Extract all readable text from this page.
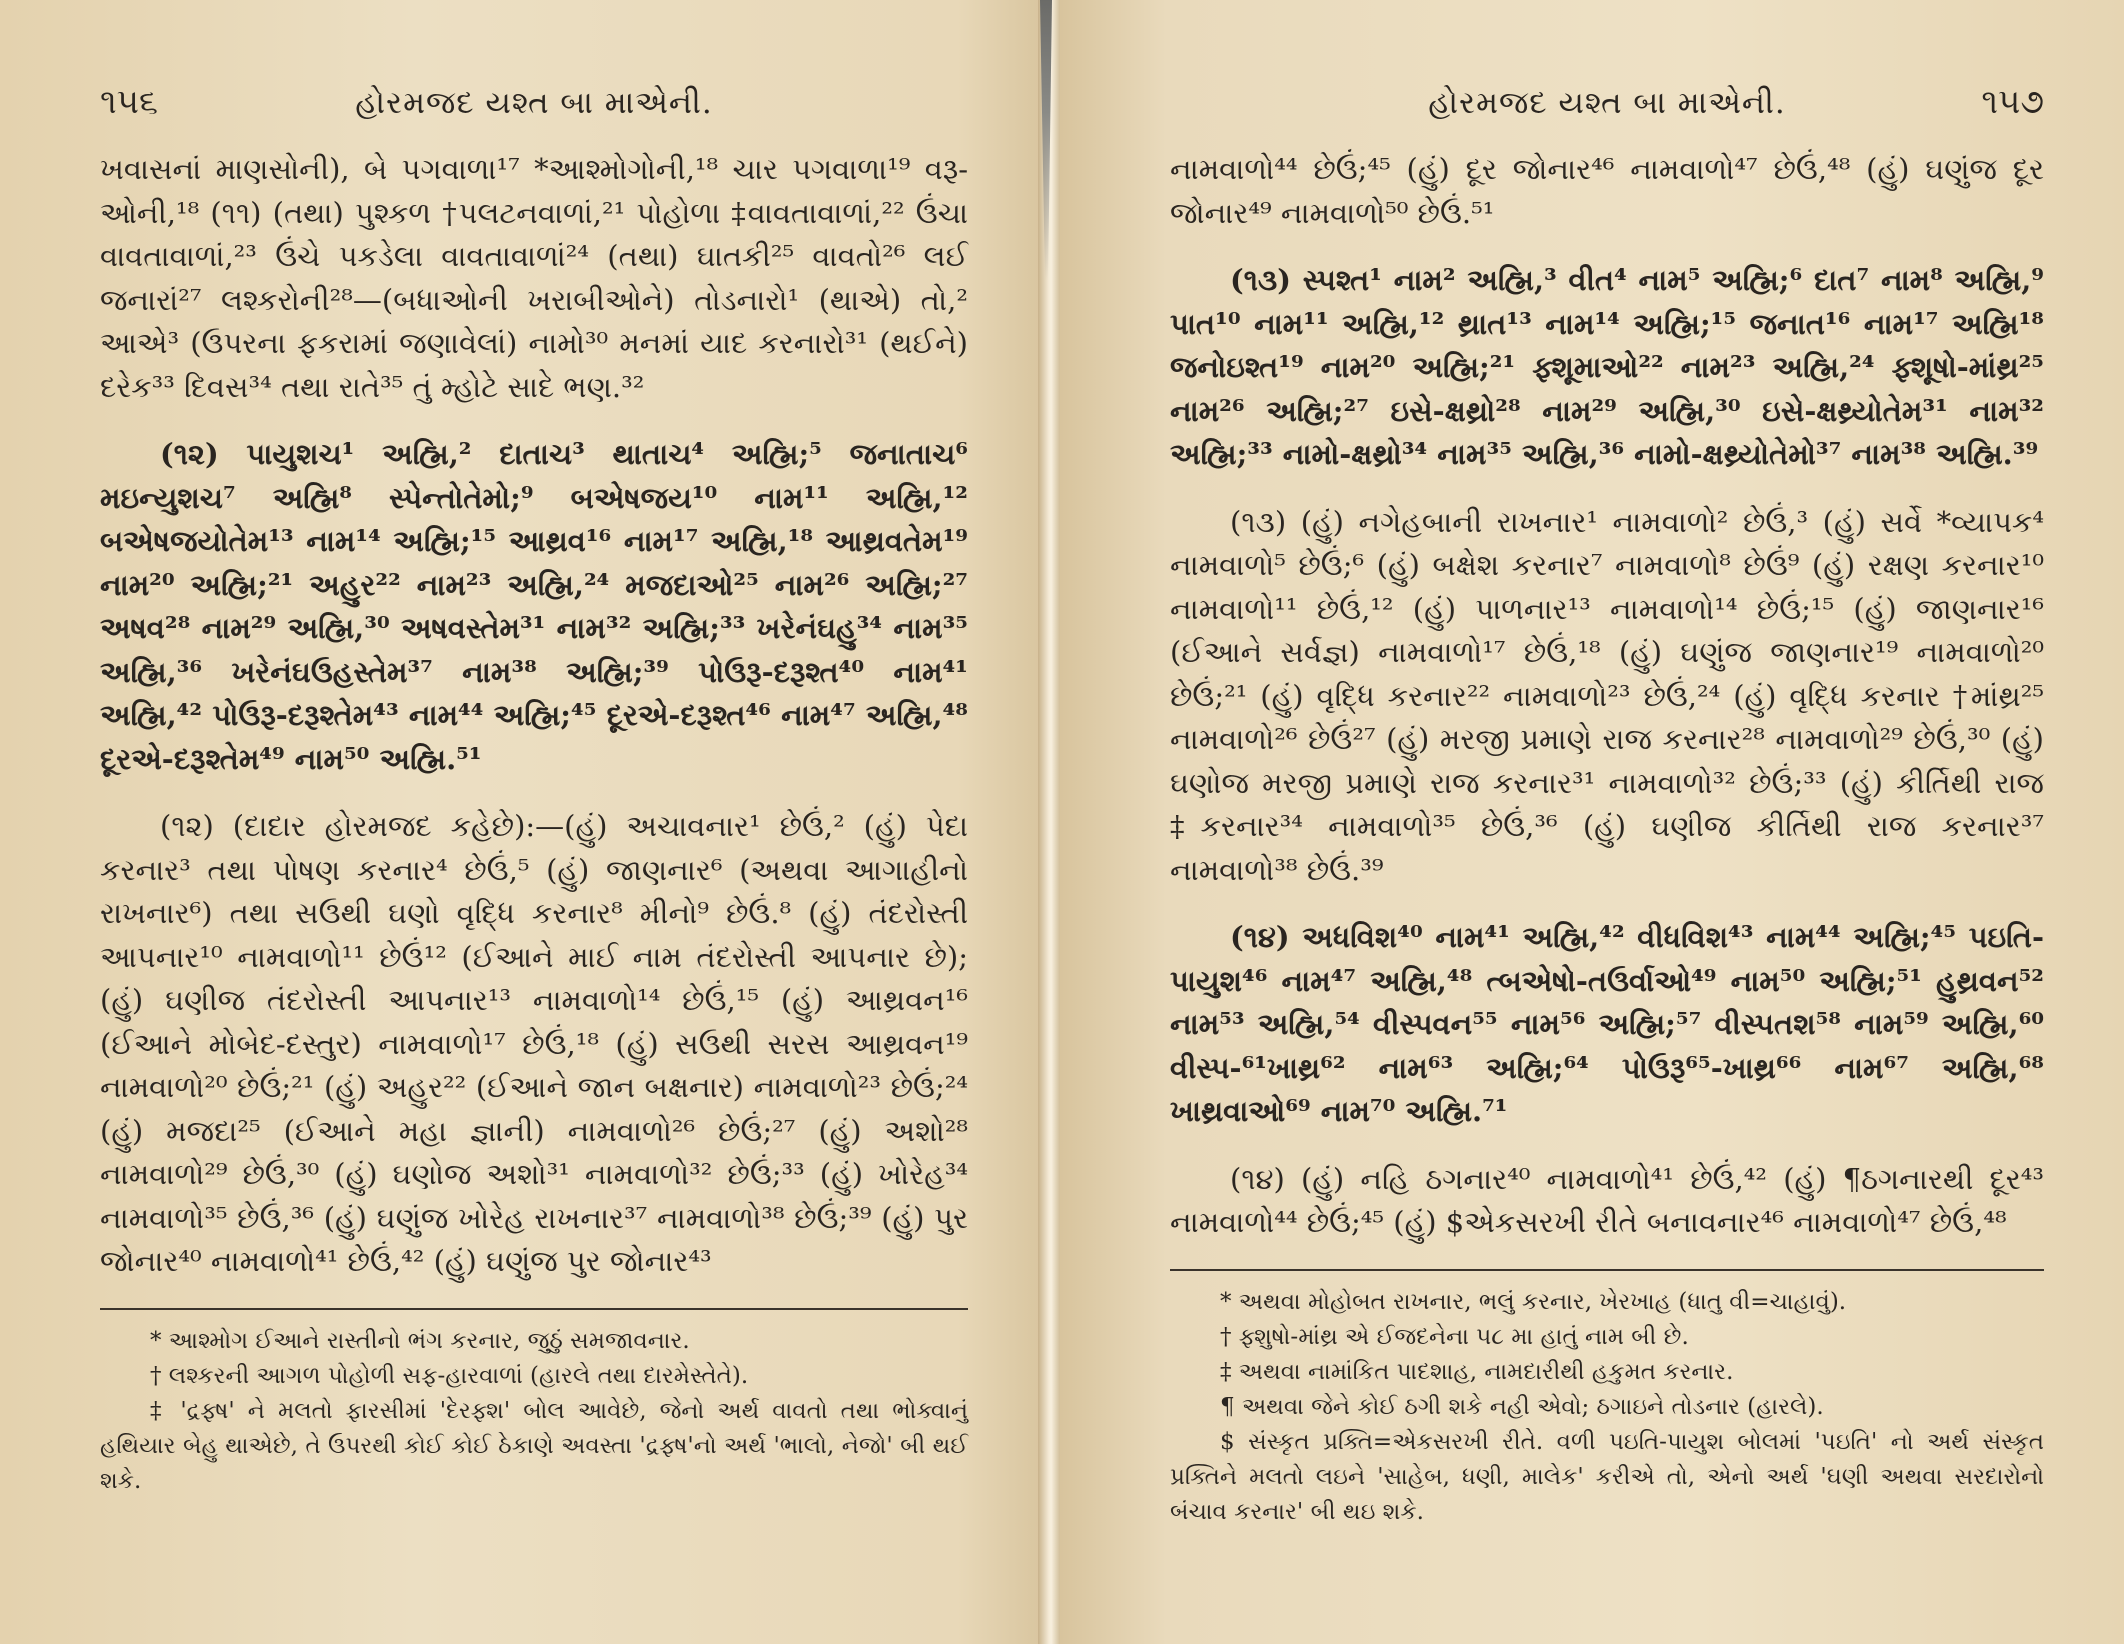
૧૫૬	હોરમજદ યશ્ત બા માએની.

ખવાસનાં માણસોની), બે પગવાળા¹⁷ *આશ્મોગોની,¹⁸ ચાર પગવાળા¹⁹ વરૂ-ઓની,¹⁸ (૧૧) (તથા) પુશ્કળ †પલટનવાળાં,²¹ પોહોળા ‡વાવતાવાળાં,²² ઉંચા વાવતાવાળાં,²³ ઉંચે પકડેલા વાવતાવાળાં²⁴ (તથા) ઘાતકી²⁵ વાવતો²⁶ લઈ જનારાં²⁷ લશ્કરોની²⁸—(બધાઓની ખરાબીઓને) તોડનારો¹ (થાએ) તો,² આએ³ (ઉપરના ફકરામાં જણાવેલાં) નામો³⁰ મનમાં યાદ કરનારો³¹ (થઈને) દરેક³³ દિવસ³⁴ તથા રાતે³⁵ તું મ્હોટે સાદે ભણ.³²

(૧૨) પાયુશચ¹ અહ્મિ,² દાતાચ³ થાતાચ⁴ અહ્મિ;⁵ જનાતાચ⁶ મઇન્યુશચ⁷ અહ્મિ⁸ સ્પેન્તોતેમો;⁹ બએષજય¹⁰ નામ¹¹ અહ્મિ,¹² બએષજયોતેમ¹³ નામ¹⁴ અહ્મિ;¹⁵ આથ્રવ¹⁶ નામ¹⁷ અહ્મિ,¹⁸ આથ્રવતેમ¹⁹ નામ²⁰ અહ્મિ;²¹ અહુર²² નામ²³ અહ્મિ,²⁴ મજદાઓ²⁵ નામ²⁶ અહ્મિ;²⁷ અષવ²⁸ નામ²⁹ અહ્મિ,³⁰ અષવસ્તેમ³¹ નામ³² અહ્મિ;³³ ખરેનંઘહુ³⁴ નામ³⁵ અહ્મિ,³⁶ ખરેનંઘઉહસ્તેમ³⁷ નામ³⁸ અહ્મિ;³⁹ પોઉરૂ-દરૂશ્ત⁴⁰ નામ⁴¹ અહ્મિ,⁴² પોઉરૂ-દરૂશ્તેમ⁴³ નામ⁴⁴ અહ્મિ;⁴⁵ દૂરએ-દરૂશ્ત⁴⁶ નામ⁴⁷ અહ્મિ,⁴⁸ દૂરએ-દરૂશ્તેમ⁴⁹ નામ⁵⁰ અહ્મિ.⁵¹

(૧૨) (દાદાર હોરમજદ કહેછે):—(હું) અચાવનાર¹ છેઉં,² (હું) પેદા કરનાર³ તથા પોષણ કરનાર⁴ છેઉં,⁵ (હું) જાણનાર⁶ (અથવા આગાહીનો રાખનાર⁶) તથા સઉથી ઘણો વૃદ્ધિ કરનાર⁸ મીનો⁹ છેઉં.⁸ (હું) તંદરોસ્તી આપનાર¹⁰ નામવાળો¹¹ છેઉં¹² (ઈઆને માઈ નામ તંદરોસ્તી આપનાર છે); (હું) ઘણીજ તંદરોસ્તી આપનાર¹³ નામવાળો¹⁴ છેઉં,¹⁵ (હું) આથ્રવન¹⁶ (ઈઆને મોબેદ-દસ્તુર) નામવાળો¹⁷ છેઉં,¹⁸ (હું) સઉથી સરસ આથ્રવન¹⁹ નામવાળો²⁰ છેઉં;²¹ (હું) અહુર²² (ઈઆને જાન બક્ષનાર) નામવાળો²³ છેઉં;²⁴ (હું) મજદા²⁵ (ઈઆને મહા જ્ઞાની) નામવાળો²⁶ છેઉં;²⁷ (હું) અશો²⁸ નામવાળો²⁹ છેઉં,³⁰ (હું) ઘણોજ અશો³¹ નામવાળો³² છેઉં;³³ (હું) ખોરેહ³⁴ નામવાળો³⁵ છેઉં,³⁶ (હું) ઘણુંજ ખોરેહ રાખનાર³⁷ નામવાળો³⁸ છેઉં;³⁹ (હું) પુર જોનાર⁴⁰ નામવાળો⁴¹ છેઉં,⁴² (હું) ઘણુંજ પુર જોનાર⁴³

* આશ્મોગ ઈઆને રાસ્તીનો ભંગ કરનાર, જુઠું સમજાવનાર.

† લશ્કરની આગળ પોહોળી સફ-હારવાળાં (હારલે તથા દારમેસ્તેતે).

‡ 'દ્રફ્ષ' ને મલતો ફારસીમાં 'દેરફ્શ' બોલ આવેછે, જેનો અર્થ વાવતો તથા ભોક્વાનું હથિયાર બેહુ થાએછે, તે ઉપરથી કોઈ કોઈ ઠેકાણે અવસ્તા 'દ્રફ્ષ'નો અર્થ 'ભાલો, નેજો' બી થઈ શકે.

હોરમજદ યશ્ત બા માએની.	૧૫૭

નામવાળો⁴⁴ છેઉં;⁴⁵ (હું) દૂર જોનાર⁴⁶ નામવાળો⁴⁷ છેઉં,⁴⁸ (હું) ઘણુંજ દૂર જોનાર⁴⁹ નામવાળો⁵⁰ છેઉં.⁵¹

(૧૩) સ્પશ્ત¹ નામ² અહ્મિ,³ વીત⁴ નામ⁵ અહ્મિ;⁶ દાત⁷ નામ⁸ અહ્મિ,⁹ પાત¹⁰ નામ¹¹ અહ્મિ,¹² થ્રાત¹³ નામ¹⁴ અહ્મિ;¹⁵ જનાત¹⁶ નામ¹⁷ અહ્મિ¹⁸ જનોઇશ્ત¹⁹ નામ²⁰ અહ્મિ;²¹ ફ્શૂમાઓ²² નામ²³ અહ્મિ,²⁴ ફ્શૂષો-માંથ્ર²⁵ નામ²⁶ અહ્મિ;²⁷ ઇસે-ક્ષથ્રો²⁸ નામ²⁹ અહ્મિ,³⁰ ઇસે-ક્ષથ્ર્યોતેમ³¹ નામ³² અહ્મિ;³³ નામો-ક્ષથ્રો³⁴ નામ³⁵ અહ્મિ,³⁶ નામો-ક્ષથ્ર્યોતેમો³⁷ નામ³⁸ અહ્મિ.³⁹

(૧૩) (હું) નગેહબાની રાખનાર¹ નામવાળો² છેઉં,³ (હું) સર્વે *વ્યાપક⁴ નામવાળો⁵ છેઉં;⁶ (હું) બક્ષેશ કરનાર⁷ નામવાળો⁸ છેઉં⁹ (હું) રક્ષણ કરનાર¹⁰ નામવાળો¹¹ છેઉં,¹² (હું) પાળનાર¹³ નામવાળો¹⁴ છેઉં;¹⁵ (હું) જાણનાર¹⁶ (ઈઆને સર્વજ્ઞ) નામવાળો¹⁷ છેઉં,¹⁸ (હું) ઘણુંજ જાણનાર¹⁹ નામવાળો²⁰ છેઉં;²¹ (હું) વૃદ્ધિ કરનાર²² નામવાળો²³ છેઉં,²⁴ (હું) વૃદ્ધિ કરનાર †માંથ્ર²⁵ નામવાળો²⁶ છેઉં²⁷ (હું) મરજી પ્રમાણે રાજ કરનાર²⁸ નામવાળો²⁹ છેઉં,³⁰ (હું) ઘણોજ મરજી પ્રમાણે રાજ કરનાર³¹ નામવાળો³² છેઉં;³³ (હું) કીર્તિથી રાજ ‡કરનાર³⁴ નામવાળો³⁵ છેઉં,³⁶ (હું) ઘણીજ કીર્તિથી રાજ કરનાર³⁷ નામવાળો³⁸ છેઉં.³⁹

(૧૪) અધવિશ⁴⁰ નામ⁴¹ અહ્મિ,⁴² વીધવિશ⁴³ નામ⁴⁴ અહ્મિ;⁴⁵ પઇતિ-પાયુશ⁴⁶ નામ⁴⁷ અહ્મિ,⁴⁸ ત્બએષો-તઉર્વાઓ⁴⁹ નામ⁵⁰ અહ્મિ;⁵¹ હુથ્રવન⁵² નામ⁵³ અહ્મિ,⁵⁴ વીસ્પવન⁵⁵ નામ⁵⁶ અહ્મિ;⁵⁷ વીસ્પતશ⁵⁸ નામ⁵⁹ અહ્મિ,⁶⁰ વીસ્પ-⁶¹ખાથ્ર⁶² નામ⁶³ અહ્મિ;⁶⁴ પોઉરૂ⁶⁵-ખાથ્ર⁶⁶ નામ⁶⁷ અહ્મિ,⁶⁸ ખાથ્રવાઓ⁶⁹ નામ⁷⁰ અહ્મિ.⁷¹

(૧૪) (હું) નહિ ઠગનાર⁴⁰ નામવાળો⁴¹ છેઉં,⁴² (હું) ¶ઠગનારથી દૂર⁴³ નામવાળો⁴⁴ છેઉં;⁴⁵ (હું) $એકસરખી રીતે બનાવનાર⁴⁶ નામવાળો⁴⁷ છેઉં,⁴⁸

* અથવા મોહોબત રાખનાર, ભલું કરનાર, ખેરખાહ (ધાતુ વી=ચાહાવું).

† ફ્શુષો-માંથ્ર એ ઈજદનેના ૫૮ મા હાતું નામ બી છે.

‡ અથવા નામાંકિત પાદશાહ, નામદારીથી હકુમત કરનાર.

¶ અથવા જેને કોઈ ઠગી શકે નહી એવો; ઠગાઇને તોડનાર (હારલે).

$ સંસ્કૃત પ્રક્તિ=એકસરખી રીતે. વળી પઇતિ-પાયુશ બોલમાં 'પઇતિ' નો અર્થ સંસ્કૃત પ્રક્તિને મલતો લઇને 'સાહેબ, ધણી, માલેક' કરીએ તો, એનો અર્થ 'ઘણી અથવા સરદારોનો બંચાવ કરનાર' બી થઇ શકે.
